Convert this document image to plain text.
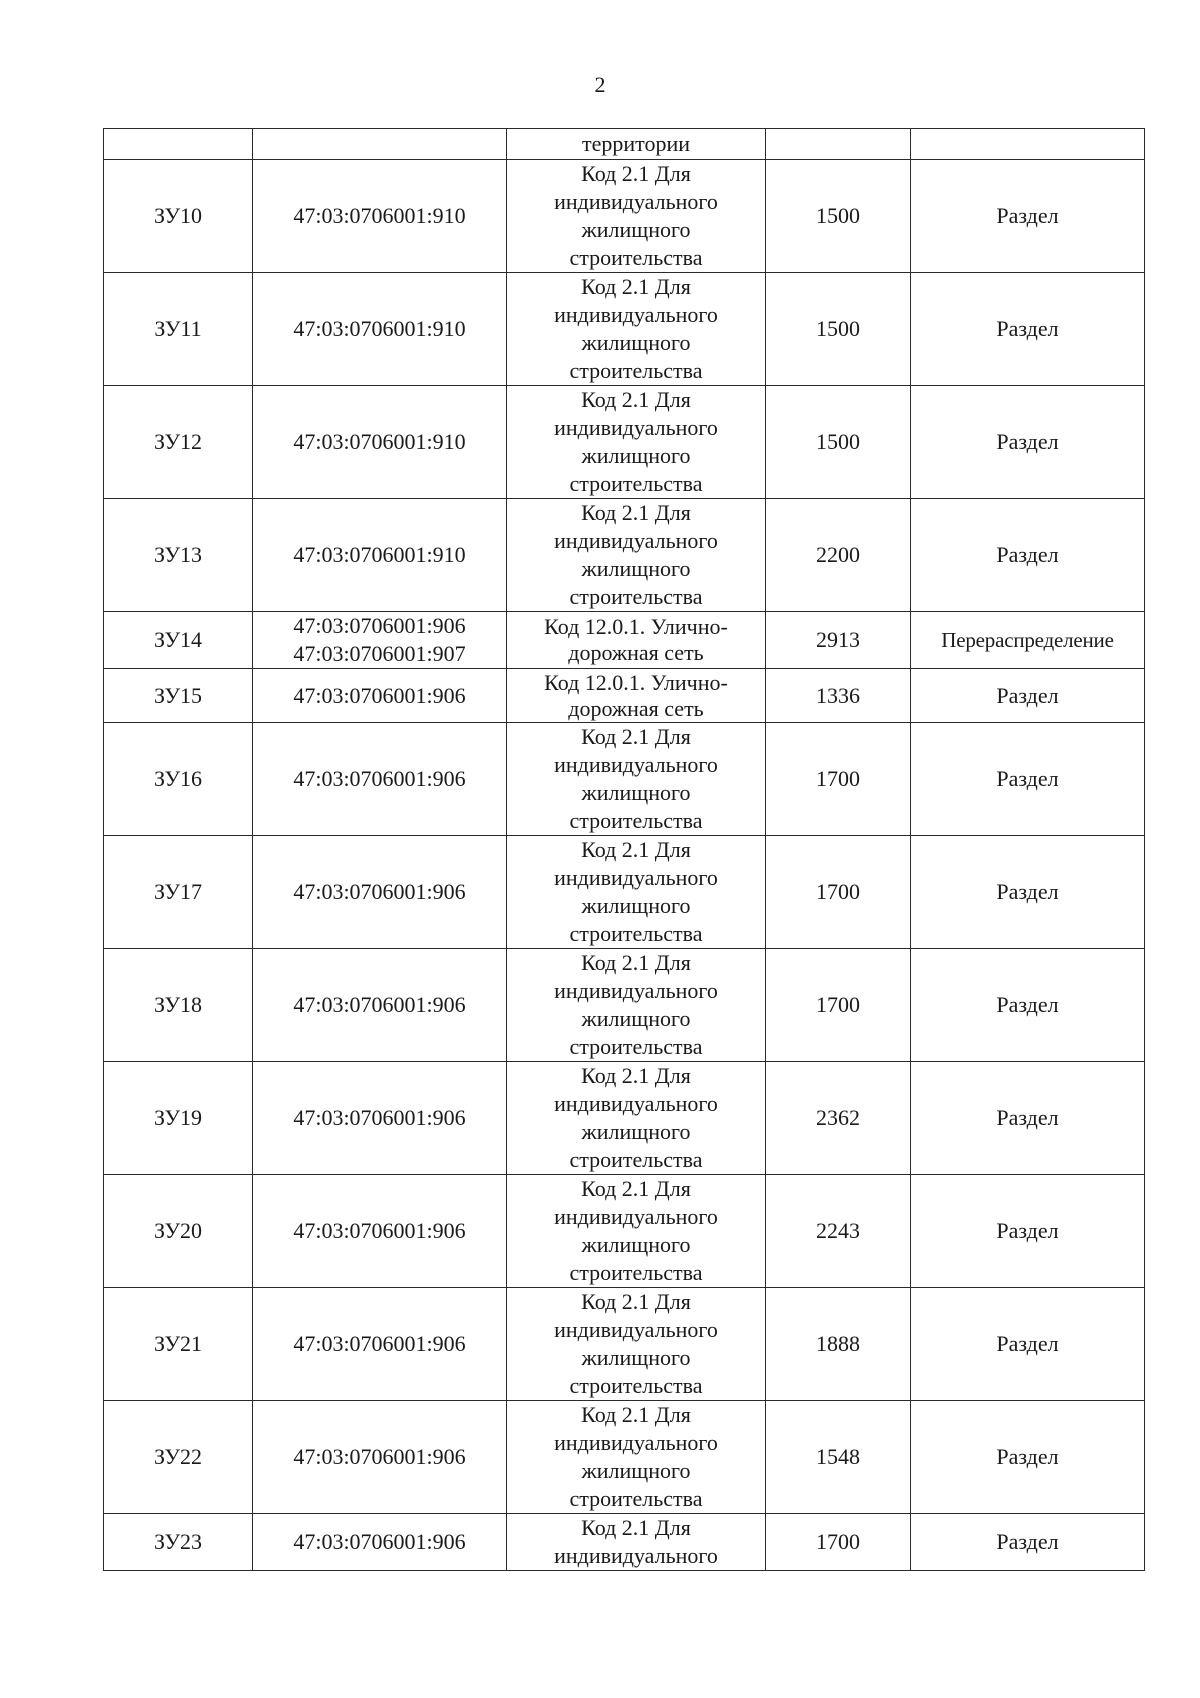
2
		территории		
ЗУ10	47:03:0706001:910	Код 2.1 Для
индивидуального
жилищного
строительства	1500	Раздел
ЗУ11	47:03:0706001:910	Код 2.1 Для
индивидуального
жилищного
строительства	1500	Раздел
ЗУ12	47:03:0706001:910	Код 2.1 Для
индивидуального
жилищного
строительства	1500	Раздел
ЗУ13	47:03:0706001:910	Код 2.1 Для
индивидуального
жилищного
строительства	2200	Раздел
ЗУ14	47:03:0706001:906
47:03:0706001:907	Код 12.0.1. Улично-
дорожная сеть	2913	Перераспределение
ЗУ15	47:03:0706001:906	Код 12.0.1. Улично-
дорожная сеть	1336	Раздел
ЗУ16	47:03:0706001:906	Код 2.1 Для
индивидуального
жилищного
строительства	1700	Раздел
ЗУ17	47:03:0706001:906	Код 2.1 Для
индивидуального
жилищного
строительства	1700	Раздел
ЗУ18	47:03:0706001:906	Код 2.1 Для
индивидуального
жилищного
строительства	1700	Раздел
ЗУ19	47:03:0706001:906	Код 2.1 Для
индивидуального
жилищного
строительства	2362	Раздел
ЗУ20	47:03:0706001:906	Код 2.1 Для
индивидуального
жилищного
строительства	2243	Раздел
ЗУ21	47:03:0706001:906	Код 2.1 Для
индивидуального
жилищного
строительства	1888	Раздел
ЗУ22	47:03:0706001:906	Код 2.1 Для
индивидуального
жилищного
строительства	1548	Раздел
ЗУ23	47:03:0706001:906	Код 2.1 Для
индивидуального	1700	Раздел
